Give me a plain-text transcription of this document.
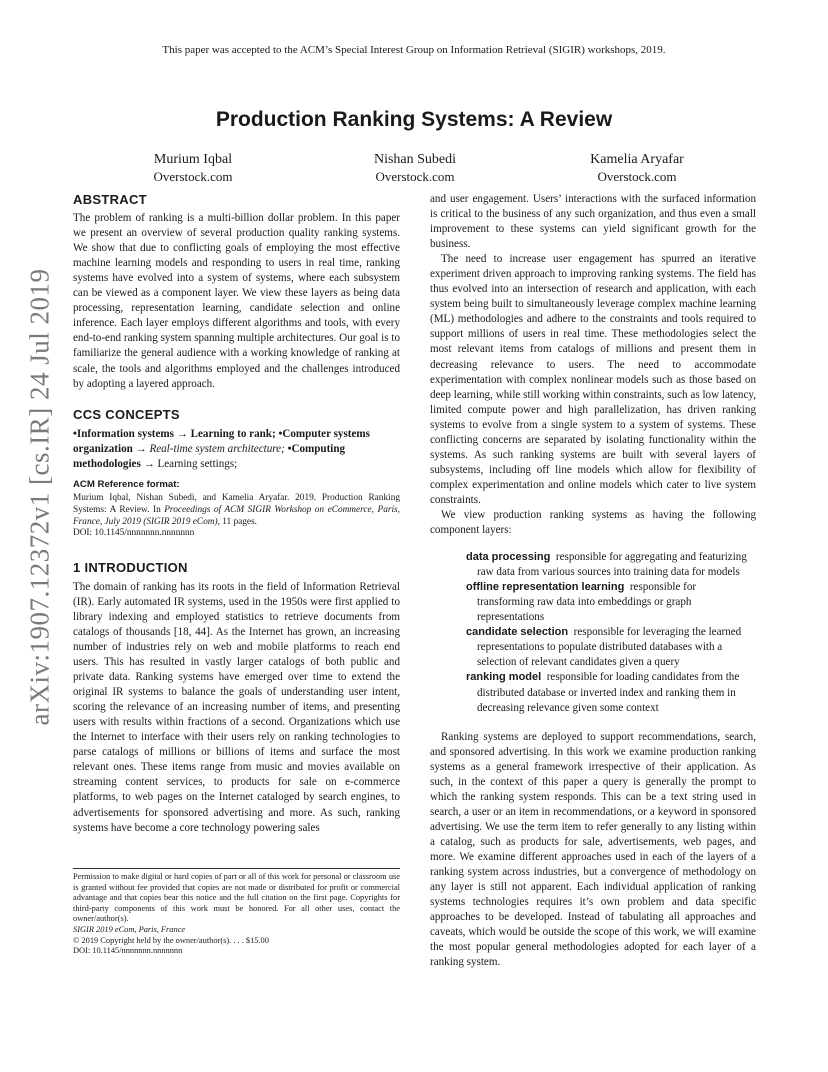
This paper was accepted to the ACM’s Special Interest Group on Information Retrieval (SIGIR) workshops, 2019.
arXiv:1907.12372v1 [cs.IR] 24 Jul 2019
Production Ranking Systems: A Review
Murium Iqbal
Overstock.com
Nishan Subedi
Overstock.com
Kamelia Aryafar
Overstock.com
ABSTRACT

The problem of ranking is a multi-billion dollar problem. In this paper we present an overview of several production quality ranking systems. We show that due to conflicting goals of employing the most effective machine learning models and responding to users in real time, ranking systems have evolved into a system of systems, where each subsystem can be viewed as a component layer. We view these layers as being data processing, representation learning, candidate selection and online inference. Each layer employs different algorithms and tools, with every end-to-end ranking system spanning multiple architectures. Our goal is to familiarize the general audience with a working knowledge of ranking at scale, the tools and algorithms employed and the challenges introduced by adopting a layered approach.

CCS CONCEPTS

•Information systems → Learning to rank; •Computer systems organization → Real-time system architecture; •Computing methodologies → Learning settings;

ACM Reference format:
Murium Iqbal, Nishan Subedi, and Kamelia Aryafar. 2019. Production Ranking Systems: A Review. In Proceedings of ACM SIGIR Workshop on eCommerce, Paris, France, July 2019 (SIGIR 2019 eCom), 11 pages.
DOI: 10.1145/nnnnnnn.nnnnnnn
1 INTRODUCTION

The domain of ranking has its roots in the field of Information Retrieval (IR). Early automated IR systems, used in the 1950s were first applied to library indexing and employed statistics to retrieve documents from catalogs of thousands [18, 44]. As the Internet has grown, an increasing number of industries rely on web and mobile platforms to reach end users. This has resulted in vastly larger catalogs of both public and private data. Ranking systems have emerged over time to extend the original IR systems to balance the goals of understanding user intent, scoring the relevance of an increasing number of items, and presenting users with results within fractions of a second. Organizations which use the Internet to interface with their users rely on ranking technologies to parse catalogs of millions or billions of items and surface the most relevant ones. These items range from music and movies available on streaming content services, to products for sale on e-commerce platforms, to web pages on the Internet cataloged by search engines, to advertisements for sponsored advertising and more. As such, ranking systems have become a core technology powering sales

Permission to make digital or hard copies of part or all of this work for personal or classroom use is granted without fee provided that copies are not made or distributed for profit or commercial advantage and that copies bear this notice and the full citation on the first page. Copyrights for third-party components of this work must be honored. For all other uses, contact the owner/author(s).
SIGIR 2019 eCom, Paris, France
© 2019 Copyright held by the owner/author(s). . . . $15.00
DOI: 10.1145/nnnnnnn.nnnnnnn

and user engagement. Users’ interactions with the surfaced information is critical to the business of any such organization, and thus even a small improvement to these systems can yield significant growth for the business.

The need to increase user engagement has spurred an iterative experiment driven approach to improving ranking systems. The field has thus evolved into an intersection of research and application, with each system being built to simultaneously leverage complex machine learning (ML) methodologies and adhere to the constraints and tools required to support millions of users in real time. These methodologies select the most relevant items from catalogs of millions and present them in decreasing relevance to users. The need to accommodate experimentation with complex nonlinear models such as those based on deep learning, while still working within constraints, such as low latency, limited compute power and high parallelization, has driven ranking systems to evolve from a single system to a system of systems. These conflicting concerns are separated by isolating functionality within the systems. As such ranking systems are built with several layers of subsystems, including off line models which allow for flexibility of complex experimentation and online models which cater to live system constraints.

We view production ranking systems as having the following component layers:

data processing responsible for aggregating and featurizing raw data from various sources into training data for models
offline representation learning responsible for transforming raw data into embeddings or graph representations
candidate selection responsible for leveraging the learned representations to populate distributed databases with a selection of relevant candidates given a query
ranking model responsible for loading candidates from the distributed database or inverted index and ranking them in decreasing relevance given some context

Ranking systems are deployed to support recommendations, search, and sponsored advertising. In this work we examine production ranking systems as a general framework irrespective of their application. As such, in the context of this paper a query is generally the prompt to which the ranking system responds. This can be a text string used in search, a user or an item in recommendations, or a keyword in sponsored advertising. We use the term item to refer generally to any listing within a catalog, such as products for sale, advertisements, web pages, and more. We examine different approaches used in each of the layers of a ranking system across industries, but a convergence of methodology on any layer is still not apparent. Each individual application of ranking systems technologies requires it’s own problem and data specific approaches to be developed. Instead of tabulating all approaches and caveats, which would be outside the scope of this work, we will examine the most popular general methodologies adopted for each layer of a ranking system.
